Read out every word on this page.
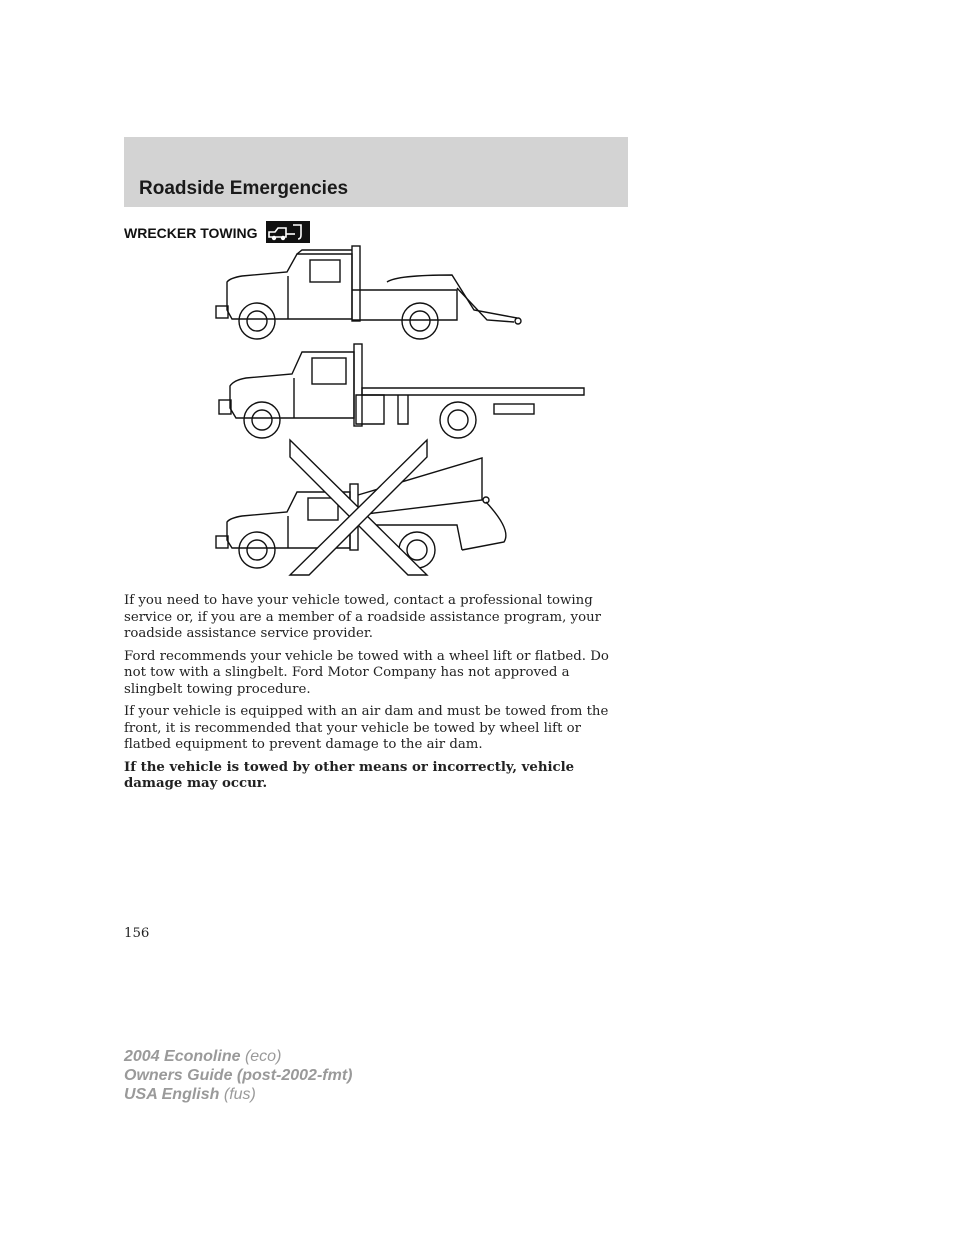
Roadside Emergencies
WRECKER TOWING

If you need to have your vehicle towed, contact a professional towing service or, if you are a member of a roadside assistance program, your roadside assistance service provider.

Ford recommends your vehicle be towed with a wheel lift or flatbed. Do not tow with a slingbelt. Ford Motor Company has not approved a slingbelt towing procedure.

If your vehicle is equipped with an air dam and must be towed from the front, it is recommended that your vehicle be towed by wheel lift or flatbed equipment to prevent damage to the air dam.

If the vehicle is towed by other means or incorrectly, vehicle damage may occur.

156
2004 Econoline (eco)
Owners Guide (post-2002-fmt)
USA English (fus)
